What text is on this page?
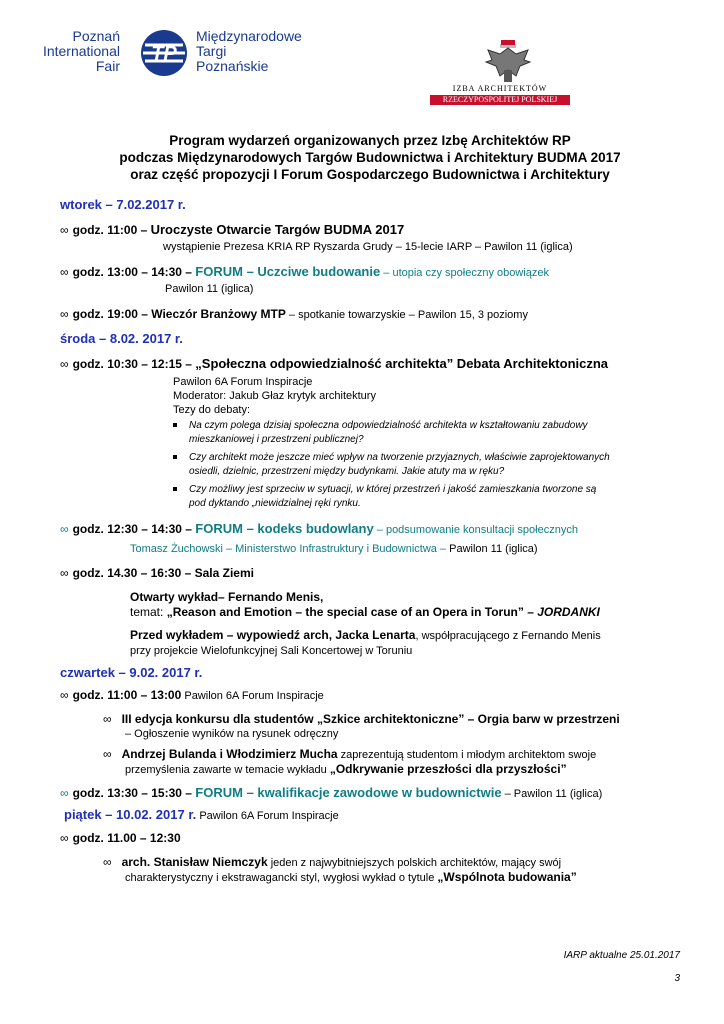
Poznań
International
Fair
TP
Międzynarodowe
Targi
Poznańskie
IZBA ARCHITEKTÓW
RZECZYPOSPOLITEJ POLSKIEJ
Program wydarzeń organizowanych przez Izbę Architektów RP
podczas Międzynarodowych Targów Budownictwa i Architektury BUDMA 2017
oraz część propozycji I Forum Gospodarczego Budownictwa i Architektury
wtorek – 7.02.2017 r.
∞ godz. 11:00 – Uroczyste Otwarcie Targów BUDMA 2017
wystąpienie Prezesa KRIA RP Ryszarda Grudy – 15-lecie IARP – Pawilon 11 (iglica)
∞ godz. 13:00 – 14:30 – FORUM – Uczciwe budowanie – utopia czy społeczny obowiązek
Pawilon 11 (iglica)
∞ godz. 19:00 – Wieczór Branżowy MTP – spotkanie towarzyskie – Pawilon 15, 3 poziomy
środa – 8.02. 2017 r.
∞ godz. 10:30 – 12:15 – „Społeczna odpowiedzialność architekta” Debata Architektoniczna
Pawilon 6A Forum Inspiracje
Moderator: Jakub Głaz krytyk architektury
Tezy do debaty:
Na czym polega dzisiaj społeczna odpowiedzialność architekta w kształtowaniu zabudowy
mieszkaniowej i przestrzeni publicznej?
Czy architekt może jeszcze mieć wpływ na tworzenie przyjaznych, właściwie zaprojektowanych
osiedli, dzielnic, przestrzeni między budynkami. Jakie atuty ma w ręku?
Czy możliwy jest sprzeciw w sytuacji, w której przestrzeń i jakość zamieszkania tworzone są
pod dyktando „niewidzialnej ręki rynku.
∞ godz. 12:30 – 14:30 – FORUM – kodeks budowlany – podsumowanie konsultacji społecznych
Tomasz Żuchowski – Ministerstwo Infrastruktury i Budownictwa – Pawilon 11 (iglica)
∞ godz. 14.30 – 16:30 – Sala Ziemi
Otwarty wykład– Fernando Menis,
temat: „Reason and Emotion – the special case of an Opera in Torun” – JORDANKI
Przed wykładem – wypowiedź arch, Jacka Lenarta, współpracującego z Fernando Menis
przy projekcie Wielofunkcyjnej Sali Koncertowej w Toruniu
czwartek – 9.02. 2017 r.
∞ godz. 11:00 – 13:00 Pawilon 6A Forum Inspiracje
∞ III edycja konkursu dla studentów „Szkice architektoniczne” – Orgia barw w przestrzeni
– Ogłoszenie wyników na rysunek odręczny
∞ Andrzej Bulanda i Włodzimierz Mucha zaprezentują studentom i młodym architektom swoje
przemyślenia zawarte w temacie wykładu „Odkrywanie przeszłości dla przyszłości”
∞ godz. 13:30 – 15:30 – FORUM – kwalifikacje zawodowe w budownictwie – Pawilon 11 (iglica)
piątek – 10.02. 2017 r. Pawilon 6A Forum Inspiracje
∞ godz. 11.00 – 12:30
∞ arch. Stanisław Niemczyk jeden z najwybitniejszych polskich architektów, mający swój
charakterystyczny i ekstrawagancki styl, wygłosi wykład o tytule „Wspólnota budowania”
IARP aktualne 25.01.2017
3
